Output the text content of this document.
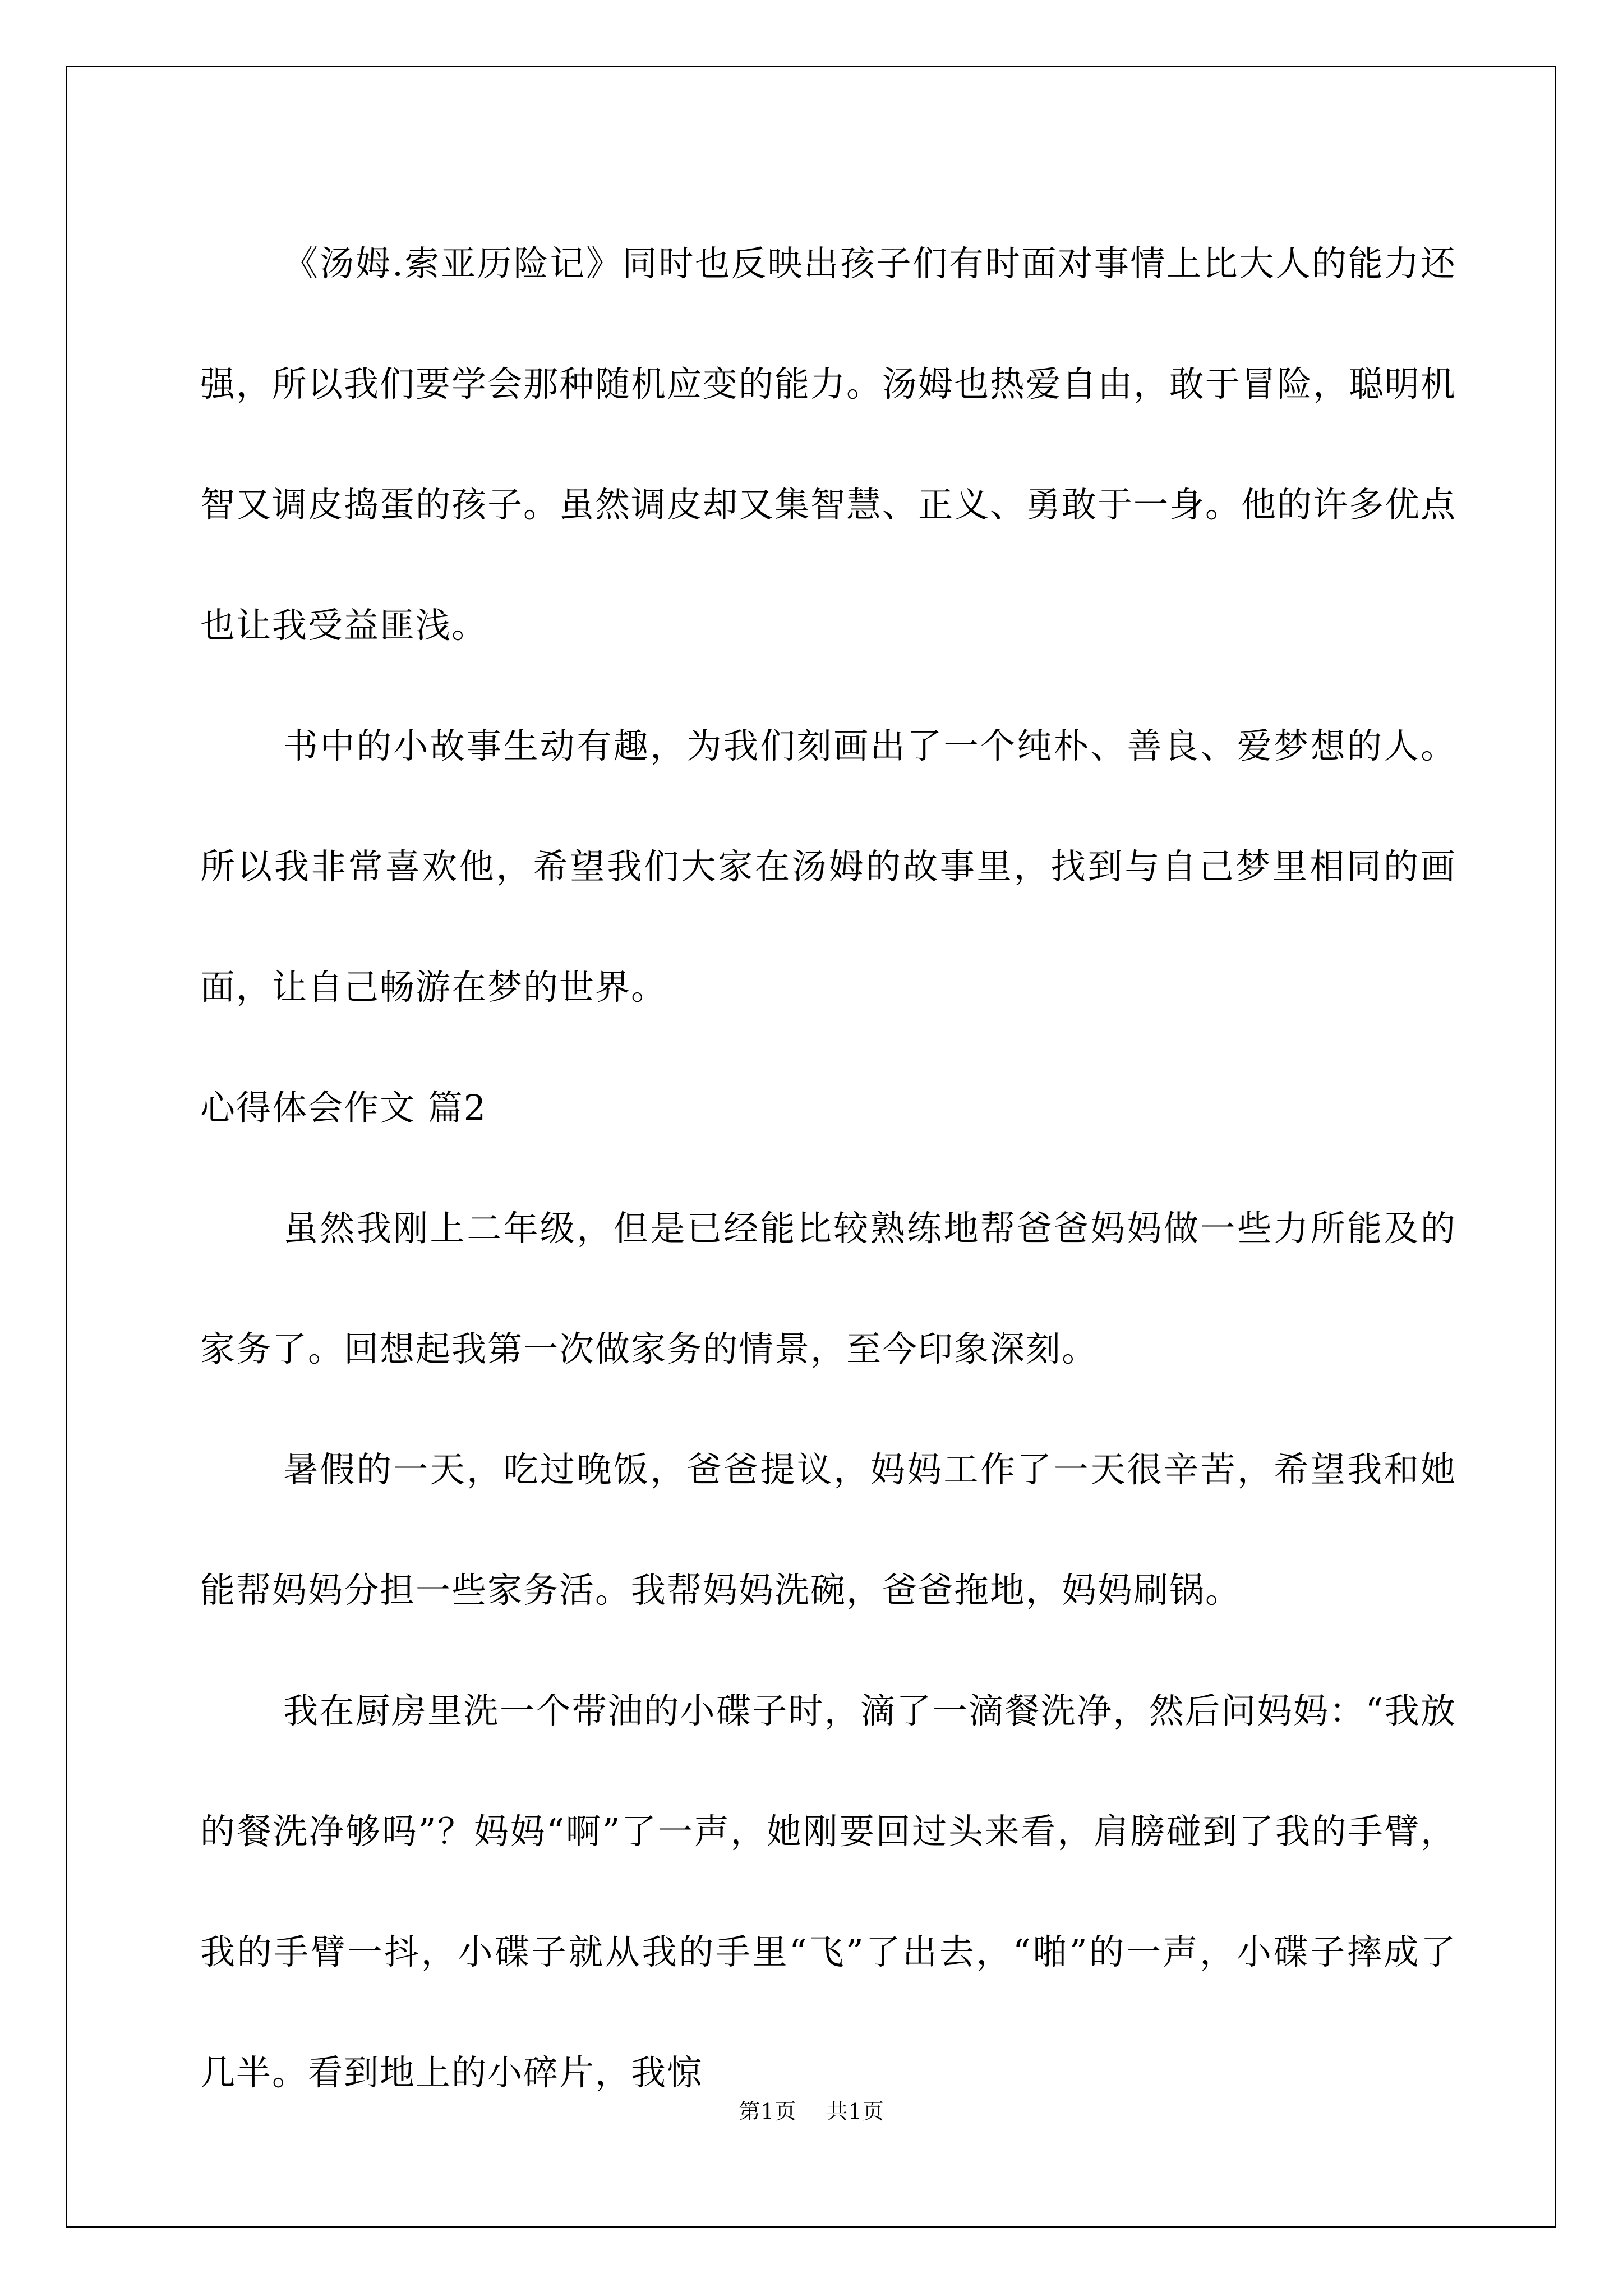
《汤姆.索亚历险记》同时也反映出孩子们有时面对事情上比大人的能力还强，所以我们要学会那种随机应变的能力。汤姆也热爱自由，敢于冒险，聪明机智又调皮捣蛋的孩子。虽然调皮却又集智慧、正义、勇敢于一身。他的许多优点也让我受益匪浅。

书中的小故事生动有趣，为我们刻画出了一个纯朴、善良、爱梦想的人。所以我非常喜欢他，希望我们大家在汤姆的故事里，找到与自己梦里相同的画面，让自己畅游在梦的世界。

心得体会作文 篇2

虽然我刚上二年级，但是已经能比较熟练地帮爸爸妈妈做一些力所能及的家务了。回想起我第一次做家务的情景，至今印象深刻。

暑假的一天，吃过晚饭，爸爸提议，妈妈工作了一天很辛苦，希望我和她能帮妈妈分担一些家务活。我帮妈妈洗碗，爸爸拖地，妈妈刷锅。

我在厨房里洗一个带油的小碟子时，滴了一滴餐洗净，然后问妈妈：“我放的餐洗净够吗”？妈妈“啊”了一声，她刚要回过头来看，肩膀碰到了我的手臂，我的手臂一抖，小碟子就从我的手里“飞”了出去，“啪”的一声，小碟子摔成了几半。看到地上的小碎片，我惊

第1页 共1页
